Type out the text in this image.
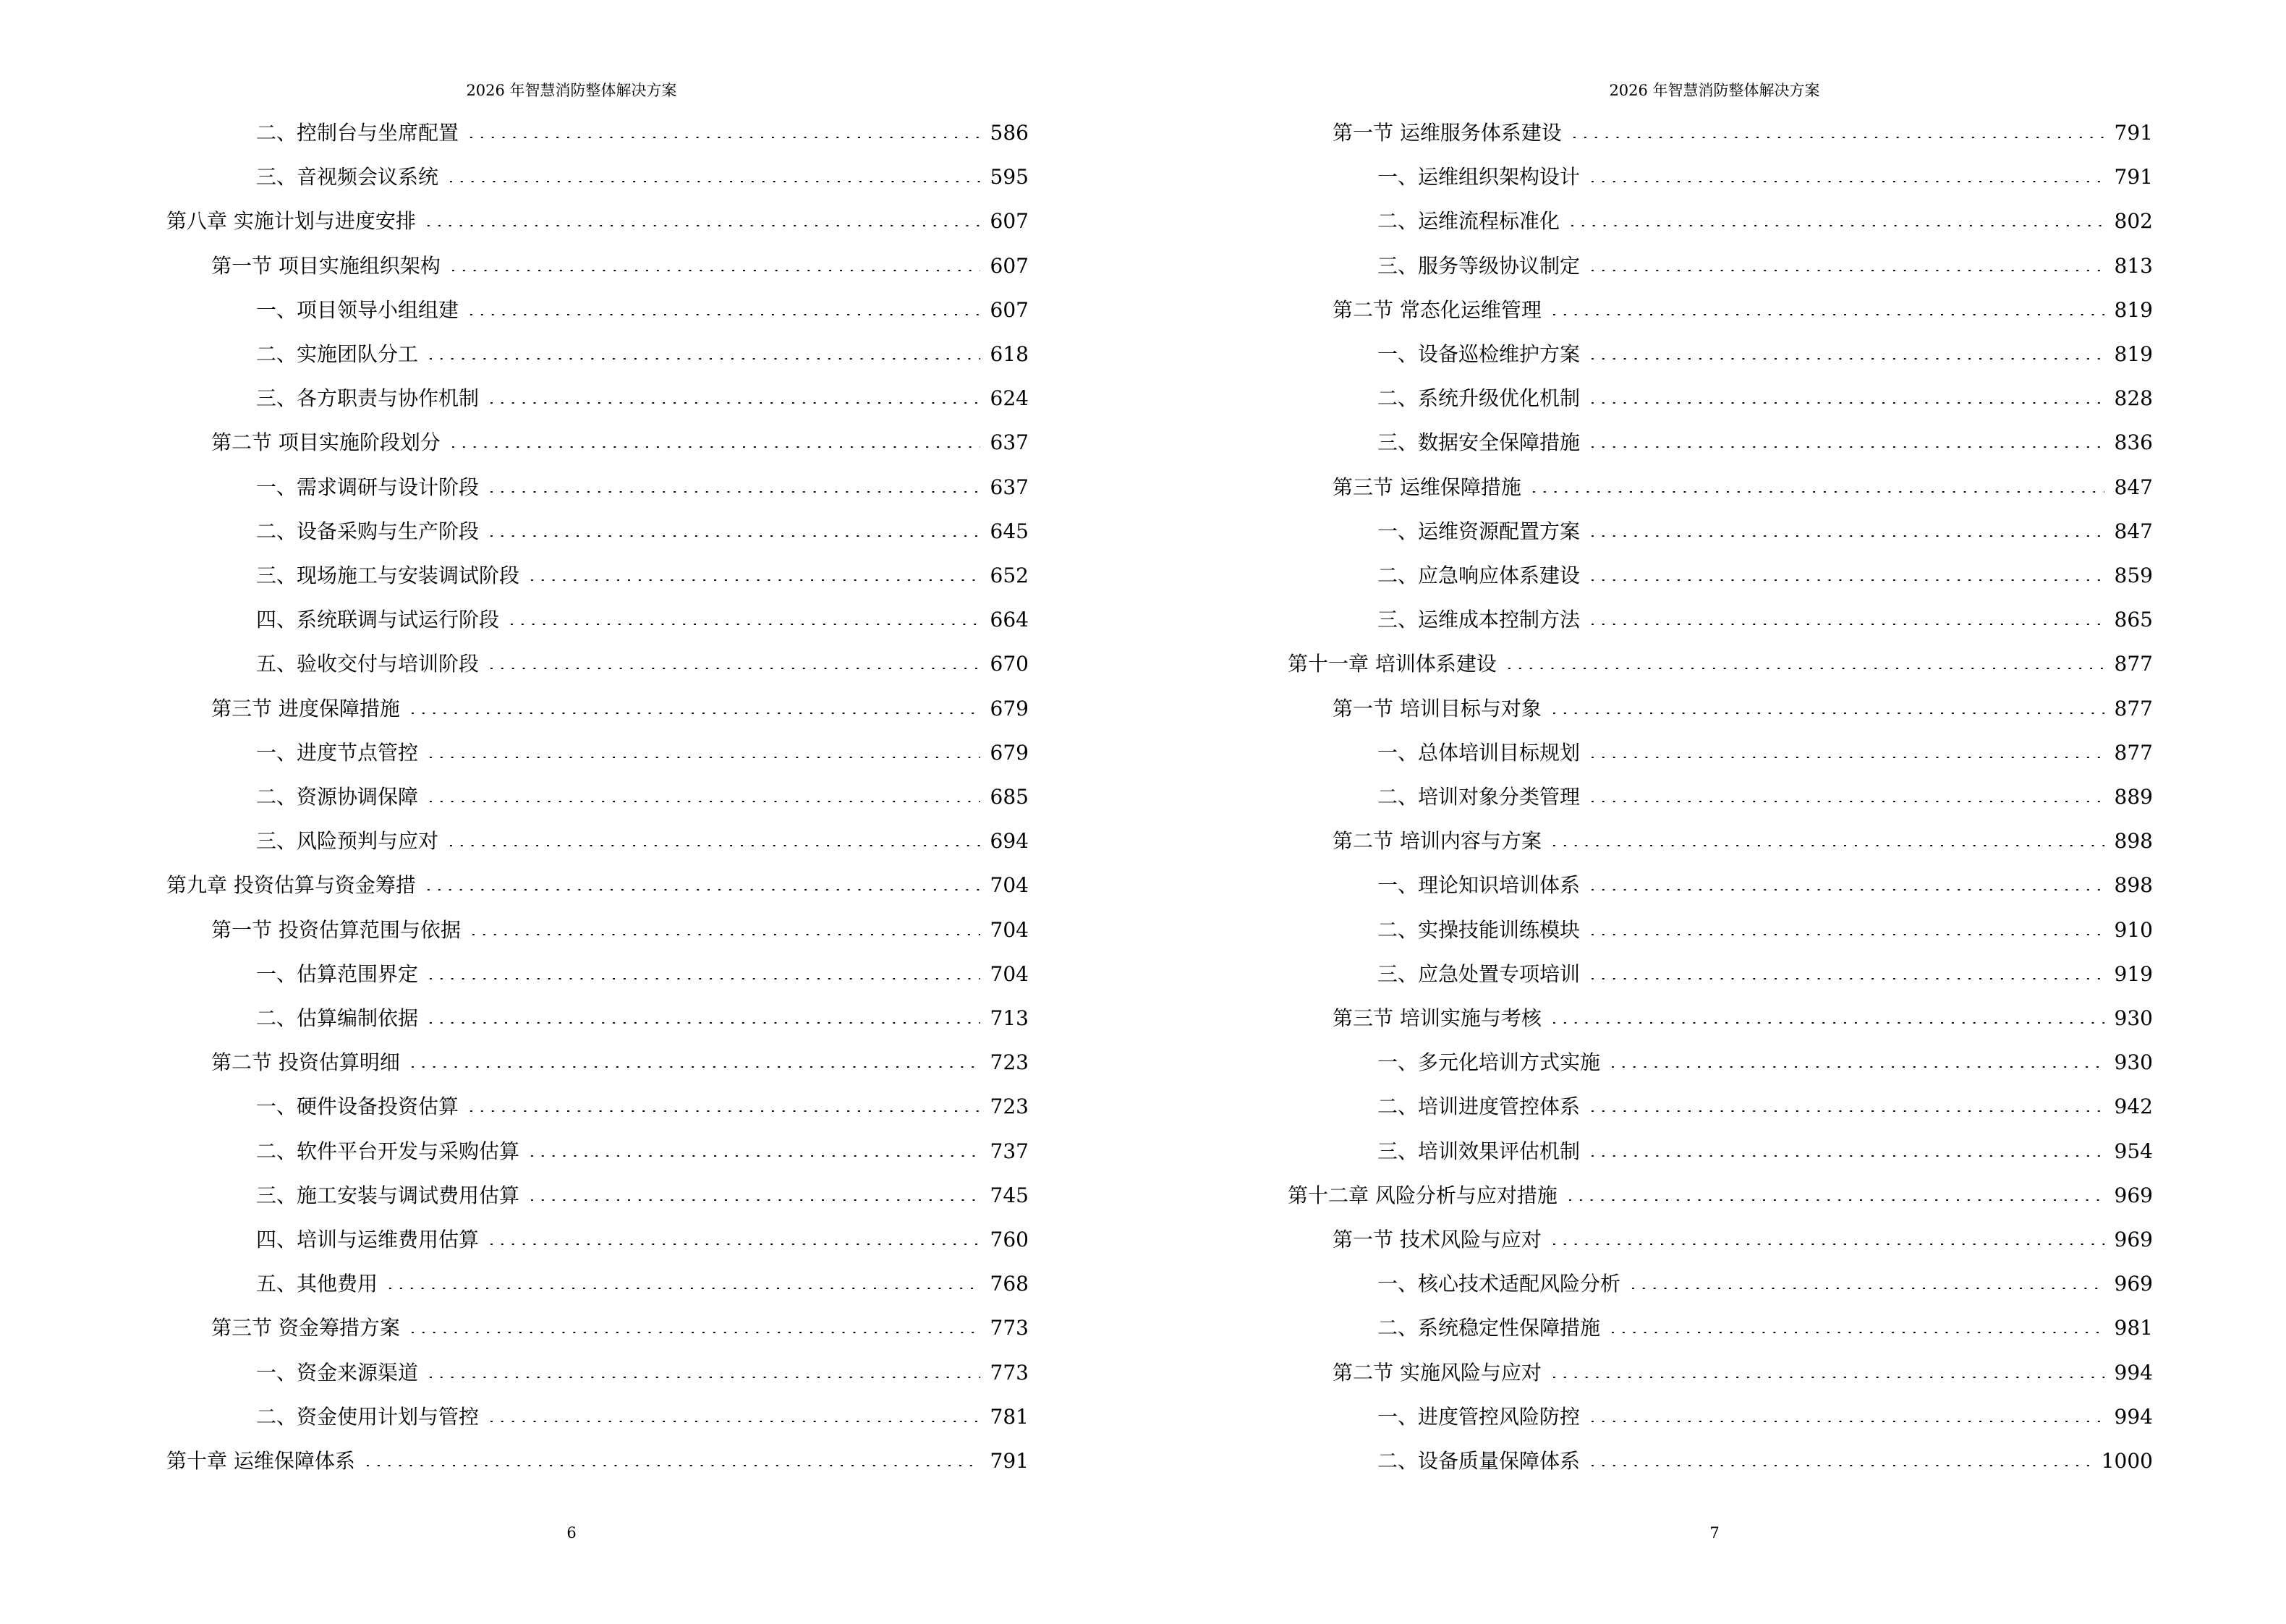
2026 年智慧消防整体解决方案
6
二、控制台与坐席配置	586
三、音视频会议系统	595
第八章 实施计划与进度安排	607
第一节 项目实施组织架构	607
一、项目领导小组组建	607
二、实施团队分工	618
三、各方职责与协作机制	624
第二节 项目实施阶段划分	637
一、需求调研与设计阶段	637
二、设备采购与生产阶段	645
三、现场施工与安装调试阶段	652
四、系统联调与试运行阶段	664
五、验收交付与培训阶段	670
第三节 进度保障措施	679
一、进度节点管控	679
二、资源协调保障	685
三、风险预判与应对	694
第九章 投资估算与资金筹措	704
第一节 投资估算范围与依据	704
一、估算范围界定	704
二、估算编制依据	713
第二节 投资估算明细	723
一、硬件设备投资估算	723
二、软件平台开发与采购估算	737
三、施工安装与调试费用估算	745
四、培训与运维费用估算	760
五、其他费用	768
第三节 资金筹措方案	773
一、资金来源渠道	773
二、资金使用计划与管控	781
第十章 运维保障体系	791
2026 年智慧消防整体解决方案
7
第一节 运维服务体系建设	791
一、运维组织架构设计	791
二、运维流程标准化	802
三、服务等级协议制定	813
第二节 常态化运维管理	819
一、设备巡检维护方案	819
二、系统升级优化机制	828
三、数据安全保障措施	836
第三节 运维保障措施	847
一、运维资源配置方案	847
二、应急响应体系建设	859
三、运维成本控制方法	865
第十一章 培训体系建设	877
第一节 培训目标与对象	877
一、总体培训目标规划	877
二、培训对象分类管理	889
第二节 培训内容与方案	898
一、理论知识培训体系	898
二、实操技能训练模块	910
三、应急处置专项培训	919
第三节 培训实施与考核	930
一、多元化培训方式实施	930
二、培训进度管控体系	942
三、培训效果评估机制	954
第十二章 风险分析与应对措施	969
第一节 技术风险与应对	969
一、核心技术适配风险分析	969
二、系统稳定性保障措施	981
第二节 实施风险与应对	994
一、进度管控风险防控	994
二、设备质量保障体系	1000
